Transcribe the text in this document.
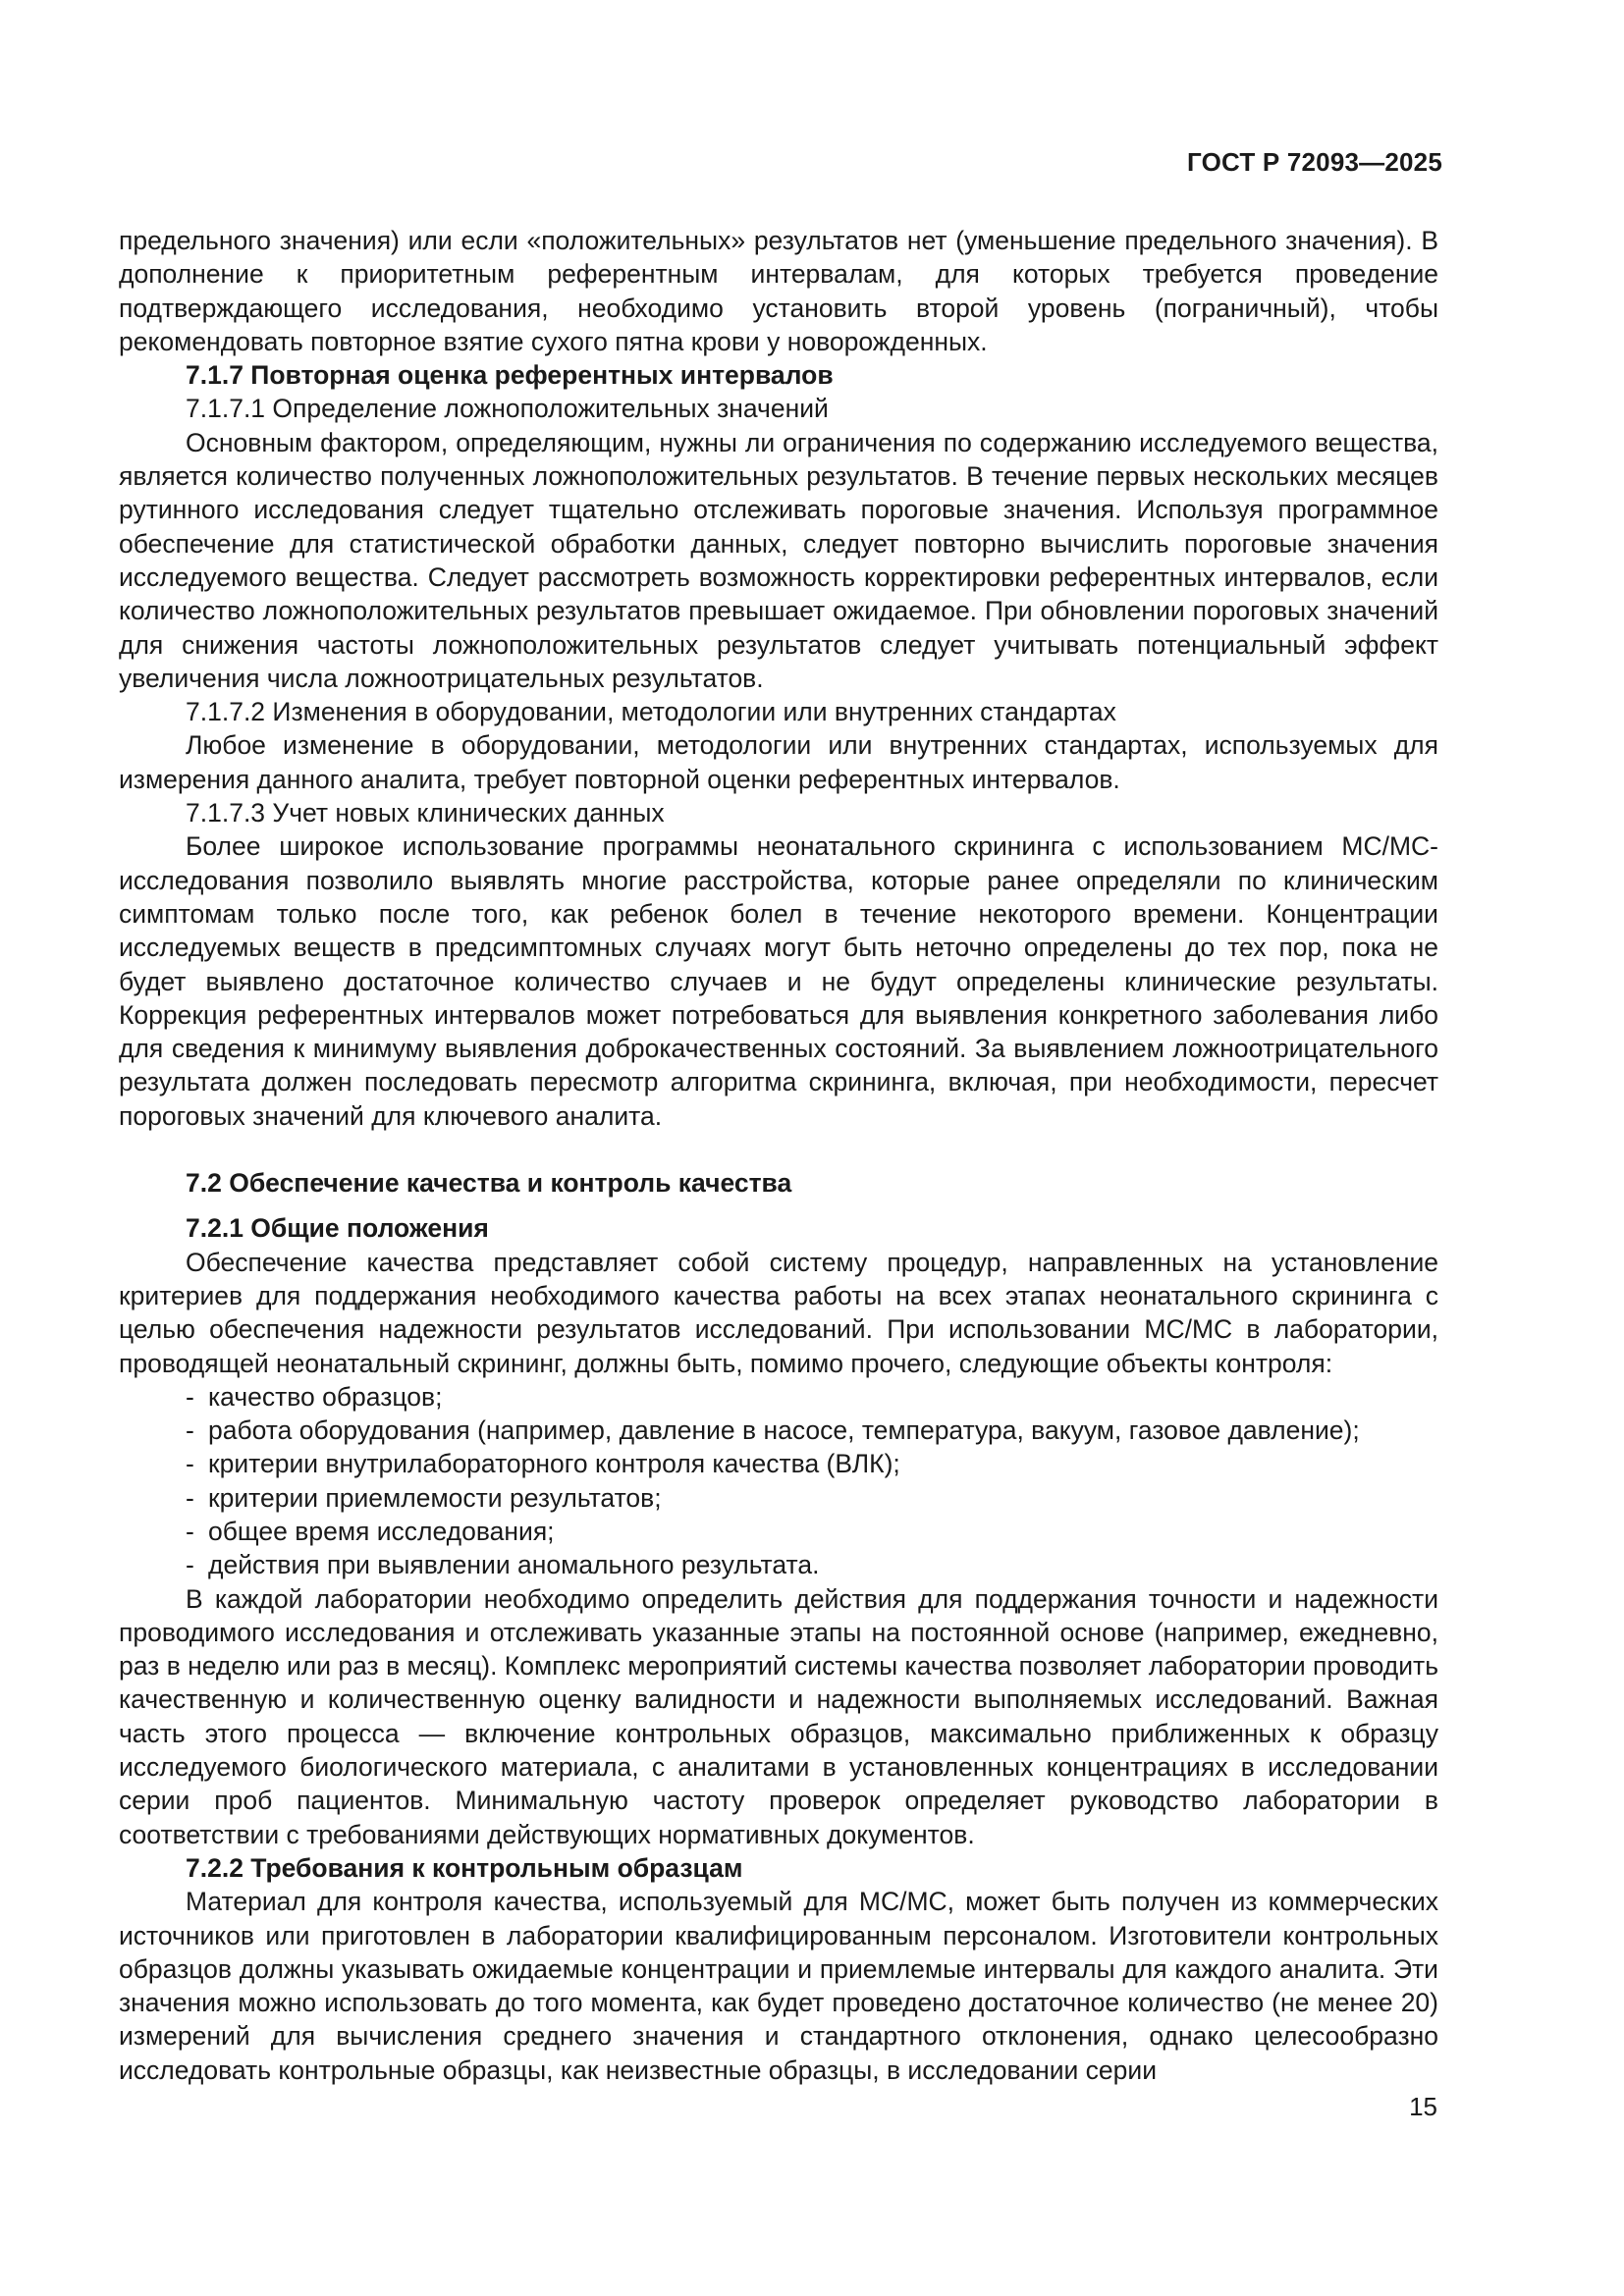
ГОСТ Р 72093—2025

предельного значения) или если «положительных» результатов нет (уменьшение предельного значения). В дополнение к приоритетным референтным интервалам, для которых требуется проведение подтверждающего исследования, необходимо установить второй уровень (пограничный), чтобы рекомендовать повторное взятие сухого пятна крови у новорожденных.

7.1.7 Повторная оценка референтных интервалов

7.1.7.1 Определение ложноположительных значений

Основным фактором, определяющим, нужны ли ограничения по содержанию исследуемого вещества, является количество полученных ложноположительных результатов. В течение первых нескольких месяцев рутинного исследования следует тщательно отслеживать пороговые значения. Используя программное обеспечение для статистической обработки данных, следует повторно вычислить пороговые значения исследуемого вещества. Следует рассмотреть возможность корректировки референтных интервалов, если количество ложноположительных результатов превышает ожидаемое. При обновлении пороговых значений для снижения частоты ложноположительных результатов следует учитывать потенциальный эффект увеличения числа ложноотрицательных результатов.

7.1.7.2 Изменения в оборудовании, методологии или внутренних стандартах

Любое изменение в оборудовании, методологии или внутренних стандартах, используемых для измерения данного аналита, требует повторной оценки референтных интервалов.

7.1.7.3 Учет новых клинических данных

Более широкое использование программы неонатального скрининга с использованием МС/МС-исследования позволило выявлять многие расстройства, которые ранее определяли по клиническим симптомам только после того, как ребенок болел в течение некоторого времени. Концентрации исследуемых веществ в предсимптомных случаях могут быть неточно определены до тех пор, пока не будет выявлено достаточное количество случаев и не будут определены клинические результаты. Коррекция референтных интервалов может потребоваться для выявления конкретного заболевания либо для сведения к минимуму выявления доброкачественных состояний. За выявлением ложноотрицательного результата должен последовать пересмотр алгоритма скрининга, включая, при необходимости, пересчет пороговых значений для ключевого аналита.

7.2 Обеспечение качества и контроль качества

7.2.1 Общие положения

Обеспечение качества представляет собой систему процедур, направленных на установление критериев для поддержания необходимого качества работы на всех этапах неонатального скрининга с целью обеспечения надежности результатов исследований. При использовании МС/МС в лаборатории, проводящей неонатальный скрининг, должны быть, помимо прочего, следующие объекты контроля:

- качество образцов;
- работа оборудования (например, давление в насосе, температура, вакуум, газовое давление);
- критерии внутрилабораторного контроля качества (ВЛК);
- критерии приемлемости результатов;
- общее время исследования;
- действия при выявлении аномального результата.

В каждой лаборатории необходимо определить действия для поддержания точности и надежности проводимого исследования и отслеживать указанные этапы на постоянной основе (например, ежедневно, раз в неделю или раз в месяц). Комплекс мероприятий системы качества позволяет лаборатории проводить качественную и количественную оценку валидности и надежности выполняемых исследований. Важная часть этого процесса — включение контрольных образцов, максимально приближенных к образцу исследуемого биологического материала, с аналитами в установленных концентрациях в исследовании серии проб пациентов. Минимальную частоту проверок определяет руководство лаборатории в соответствии с требованиями действующих нормативных документов.

7.2.2 Требования к контрольным образцам

Материал для контроля качества, используемый для МС/МС, может быть получен из коммерческих источников или приготовлен в лаборатории квалифицированным персоналом. Изготовители контрольных образцов должны указывать ожидаемые концентрации и приемлемые интервалы для каждого аналита. Эти значения можно использовать до того момента, как будет проведено достаточное количество (не менее 20) измерений для вычисления среднего значения и стандартного отклонения, однако целесообразно исследовать контрольные образцы, как неизвестные образцы, в исследовании серии

15
